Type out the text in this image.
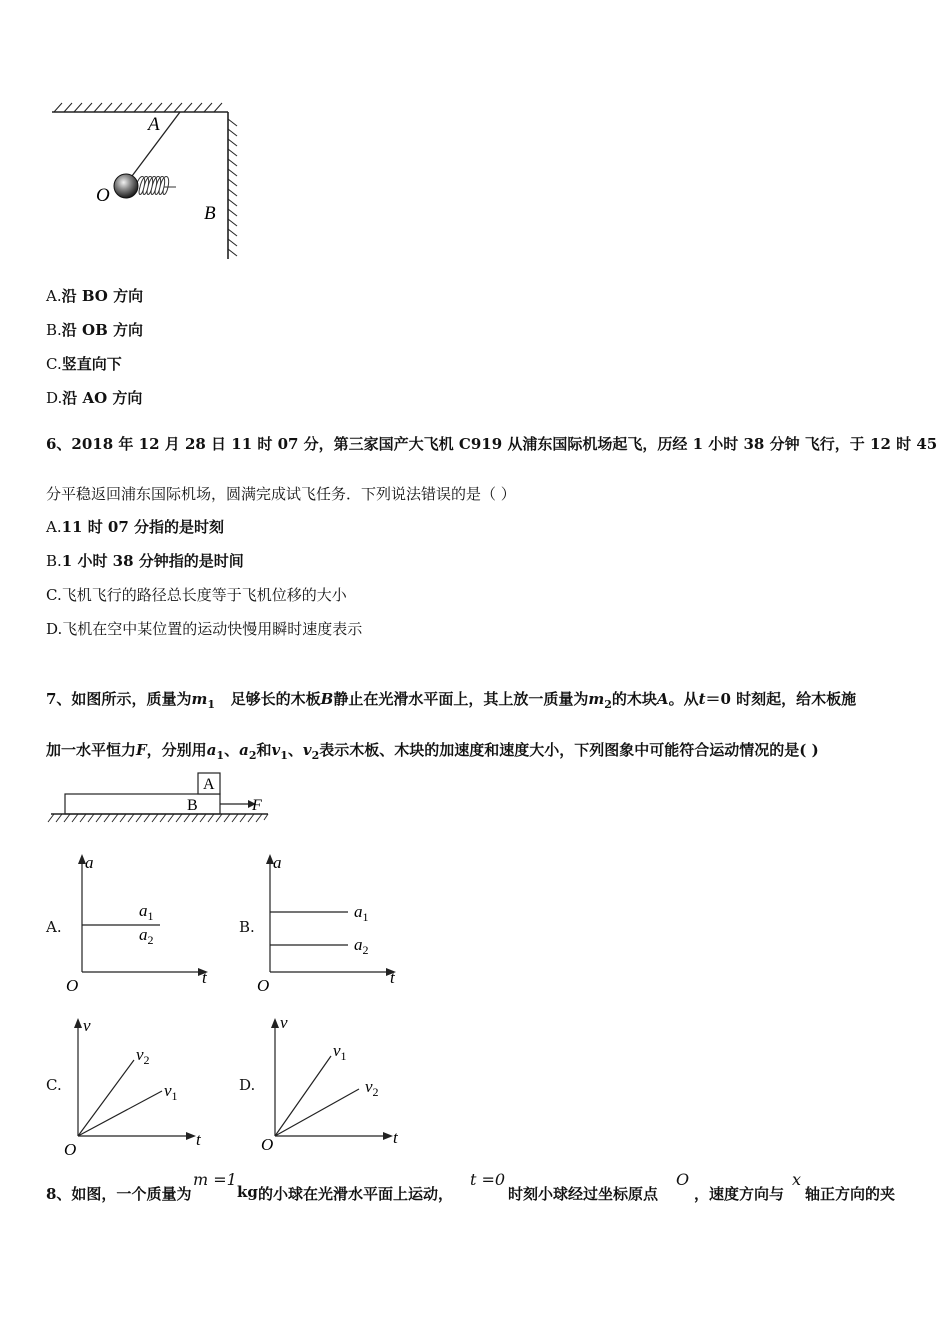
A
O
B
A.沿 BO 方向
B.沿 OB 方向
C.竖直向下
D.沿 AO 方向
6、2018 年 12 月 28 日 11 时 07 分，第三家国产大飞机 C919 从浦东国际机场起飞，历经 1 小时 38 分钟 飞行，于 12 时 45
分平稳返回浦东国际机场，圆满完成试飞任务．下列说法错误的是（ ）
A.11 时 07 分指的是时刻
B.1 小时 38 分钟指的是时间
C.飞机飞行的路径总长度等于飞机位移的大小
D.飞机在空中某位置的运动快慢用瞬时速度表示
7、如图所示，质量为$m_1$ 足够长的木板B静止在光滑水平面上，其上放一质量为$m_2$的木块A。从t＝0 时刻起，给木板施
加一水平恒力F，分别用$a_1$、$a_2$和$v_1$、$v_2$表示木板、木块的加速度和速度大小，下列图象中可能符合运动情况的是( )
A
B	F
A.
a
t
O
$a_1$
$a_2$
B.
a
t
O
$a_1$
$a_2$
C.
v
t
O
$v_2$
$v_1$
D.
v
t
O
$v_1$
$v_2$
8、如图，一个质量为
m =1
kg 的小球在光滑水平面上运动，
t =0
时刻小球经过坐标原点
O
，速度方向与
x
轴正方向的夹
